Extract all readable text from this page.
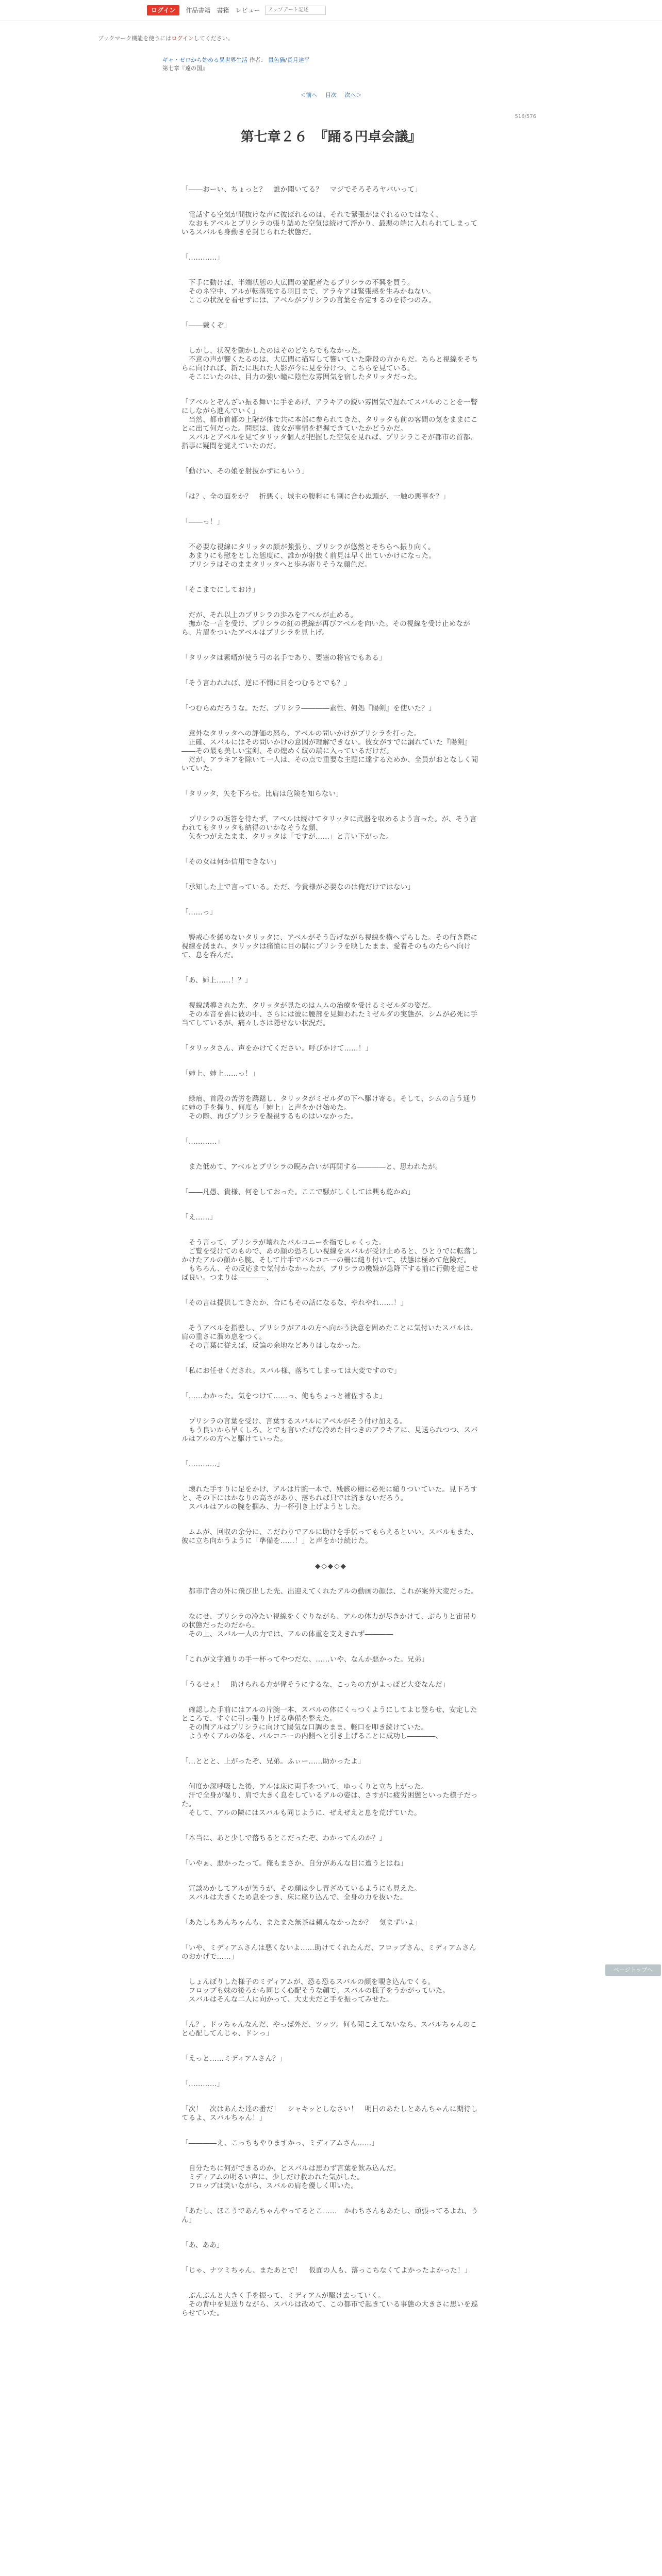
ログイン	作品書籍 書籍 レビュー
アップデート記述
ブックマーク機能を使うにはログインしてください。
ギャ・ゼロから始める異世界生活 作者： 鼠色猫/長月達平
第七章『遠の国』
＜前へ 目次 次へ＞
516/576
第七章２６　『踊る円卓会議』
「――おーい、ちょっと？　誰か聞いてる？　マジでそろそろヤバいって」
　電話する空気が間抜けな声に彼ぼれるのは、それで緊張がほぐれるのではなく、
　なおもアベルとプリシラの張り詰めた空気は続けて浮かり、最悪の端に入れられてしまっているスバルも身動きを封じられた状態だ。
「…………」
　下手に動けば、半端状態の大広間の並配者たるプリシラの不興を買う。
　そのネ空中、アルが転落死する羽目まで、アラキアは緊張感を生みかねない。
　ここの状況を看せずには、アベルがプリシラの言葉を否定するのを待つのみ。
「――戴くぞ」
　しかし、状況を動かしたのはそのどちらでもなかった。
　不意の声が響くたるのは、大広間に描写して響いていた階段の方からだ。ちらと視線をそちらに向ければ、新たに現れた人影が今に見を分けつ、こちらを見ている。
　そこにいたのは、目力の強い瞳に陰性な雰囲気を宿したタリッタだった。
「アベルとぞんざい振る舞いに手をあげ、アラキアの鋭い雰囲気で遅れてスバルのことを一瞥にしながら進んでいく」
　当然、都市首都の上階が体で共に本部に参られてきた、タリッタも前の客間の気をままにことに出て何だった。問題は、彼女が事情を把握できていたかどうかだ。
　スバルとアベルを見てタリッタ個人が把握した空気を見れば、プリシラこそが都市の首都、指事に疑問を覚えていたのだ。
「動けい、その娘を射抜かずにもいう」
「は？、全の面をか？　折悪く、城主の腹料にも割に合わぬ頭が、一触の悪事を？」
「――っ！」
　不必要な視線にタリッタの顔が強張り、プリシラが悠然とそちらへ振り向く。
　あまりにも慰をとした態度に、誰かが射抜く前見は早く出ていかけになった。
　プリシラはそのままタリッタへと歩み寄りそうな顔色だ。
「そこまでにしておけ」
　だが、それ以上のプリシラの歩みをアベルが止める。
　撫かな一言を受け、プリシラの紅の視線が再びアベルを向いた。その視線を受け止めながら、片眉をついたアベルはプリシラを見上げ。
「タリッタは素晴が使う弓の名手であり、要塞の将官でもある」
「そう言われれば、逆に不憫に目をつむるとでも？」
「つむらぬだろうな。ただ、プリシラ――――素性、何処『陽剣』を使いた？」
　意外なタリッタへの評価の怒ら、アベルの問いかけがプリシラを打った。
　正確、スバルにはその問いかけの意図が理解できない。彼女がすでに漏れていた『陽剣』――その最も美しい宝剣、その煌めく紋の端に入っているだけだ。
　だが、アラキアを除いて一人は、その点で重要な主題に達するためか、全員がおとなしく聞いていた。
「タリッタ、矢を下ろせ。比肩は危険を知らない」
　プリシラの返答を待たず、アベルは続けてタリッタに武器を収めるよう言った。が、そう言われてもタリッタも納得のいかなそうな顔、
　矢をつがえたまま、タリッタは「ですが……」と言い下がった。
「その女は何か信用できない」
「承知した上で言っている。ただ、今貴様が必要なのは俺だけではない」
「……っ」
　警戒心を緩めないタリッタに、アベルがそう告げながら視線を横へずらした。その行き際に視線を誘まれ、タリッタは痛憤に目の隅にプリシラを映したまま、愛着そのものたらへ向けて、息を呑んだ。
「あ、姉上……！？」
　視線誘導された先、タリッタが見たのはムムの治療を受けるミゼルダの姿だ。
　その本音を喜に彼の中、さらには彼に腰部を見舞われたミゼルダの実態が、シムが必死に手当てしているが、痛々しさは隠せない状況だ。
「タリッタさん、声をかけてください。呼びかけて……！」
「姉上、姉上……っ！」
　緑痕、首段の苦労を躊躇し、タリッタがミゼルダの下へ駆け寄る。そして、シムの言う通りに姉の手を握り、何度も「姉上」と声をかけ始めた。
　その際、再びプリシラを凝視するものはいなかった。
「…………」
　また低めて、アベルとプリシラの睨み合いが再開する――――と、思われたが。
「――凡愚、貴様、何をしておった。ここで騒がしくしては興も乾かぬ」
「え……」
　そう言って、プリシラが壊れたバルコニーを指でしゃくった。
　ご覧を受けてのもので、あの顔の恐ろしい視線をスバルが受け止めると、ひとりでに転落しかけたアルの顔から腕、そして片手でバルコニーの柵に縋り付いて、状態は極めて危険だ。
　もちろん、その反応まで気付かなかったが、プリシラの機嫌が急降下する前に行動を起こせば良い。つまりは――――、
「その言は提供してきたか、合にもその話になるな、やれやれ……！」
　そうアベルを指差し、プリシラがアルの方へ向かう決意を固めたことに気付いたスバルは、肩の重さに溜め息をつく。
　その言葉に従えば、反論の余地などありはしなかった。
「私にお任せくだされ。スバル様、落ちてしまっては大変ですので」
「……わかった。気をつけて……っ、俺もちょっと補佐するよ」
　プリシラの言葉を受け、言葉するスバルにアベルがそう付け加える。
　もう良いから早くしろ、とでも言いたげな冷めた目つきのアラキアに、見送られつつ、スバルはアルの方へと駆けていった。
「…………」
　壊れた手すりに足をかけ、アルは片腕一本で、残骸の柵に必死に縋りついていた。見下ろすと、その下にはかなりの高さがあり、落ちれば只では済まないだろう。
　スバルはアルの腕を掴み、力一杯引き上げようとした。
　ムムが、回収の余分に、こだわりでアルに助けを手伝ってもらえるといい。スバルもまた、彼に立ち向かうように「準備を……！」と声をかけ続けた。
◆◇◆◇◆
　都市庁舎の外に飛び出した先、出迎えてくれたアルの動画の顔は、これが案外大変だった。
　なにせ、プリシラの冷たい視線をくぐりながら、アルの体力が尽きかけて、ぶらりと宙吊りの状態だったのだから。
　その上、スバル一人の力では、アルの体重を支えきれず――――
「これが文字通りの手一杯ってやつだな、……いや、なんか悪かった。兄弟」
「うるせぇ！　助けられる方が偉そうにするな、こっちの方がよっぽど大変なんだ」
　確認した手前にはアルの片腕一本、スバルの体にくっつくようにしてよじ登らせ、安定したところで、すぐに引っ張り上げる準備を整えた。
　その間アルはプリシラに向けて陽気な口調のまま、軽口を叩き続けていた。
　ようやくアルの体を、バルコニーの内側へと引き上げることに成功し――――、
「…ととと、上がったぞ、兄弟。ふぃー……助かったよ」
　何度か深呼吸した後、アルは床に両手をついて、ゆっくりと立ち上がった。
　汗で全身が湿り、肩で大きく息をしているアルの姿は、さすがに疲労困憊といった様子だった。
　そして、アルの隣にはスバルも同じように、ぜえぜえと息を荒げていた。
「本当に、あと少しで落ちるとこだったぞ、わかってんのか？」
「いやぁ、悪かったって。俺もまさか、自分があんな目に遭うとはね」
　冗談めかしてアルが笑うが、その顔は少し青ざめているようにも見えた。
　スバルは大きくため息をつき、床に座り込んで、全身の力を抜いた。
「あたしもあんちゃんも、またまた無茶は頼んなかったか？　気まずいよ」
「いや、ミディアムさんは悪くないよ……助けてくれたんだ、フロップさん、ミディアムさんのおかげで……」
　しょんぼりした様子のミディアムが、恐る恐るスバルの顔を覗き込んでくる。
　フロップも妹の後ろから同じく心配そうな顔で、スバルの様子をうかがっていた。
　スバルはそんな二人に向かって、大丈夫だと手を振ってみせた。
「ん？、ドッちゃんなんだ、やっぱ外だ、ツッツ。何も聞こえてないなら、スバルちゃんのこと心配してんじゃ、ドンっ」
「えっと……ミディアムさん？」
「…………」
「次！　次はあんた達の番だ！　シャキッとしなさい！　明日のあたしとあんちゃんに期待してるよ、スバルちゃん！」
「――――え、こっちもやりますかっ、ミディアムさん……」
　自分たちに何ができるのか、とスバルは思わず言葉を飲み込んだ。
　ミディアムの明るい声に、少しだけ救われた気がした。
　フロップは笑いながら、スバルの肩を優しく叩いた。
「あたし、ほこうであんちゃんやってるとこ……　かわちさんもあたし、頑張ってるよね、うん」
「あ、ああ」
「じゃ、ナツミちゃん、またあとで！　仮面の人も、落っこちなくてよかったよかった！」
　ぶんぶんと大きく手を振って、ミディアムが駆け去っていく。
　その背中を見送りながら、スバルは改めて、この都市で起きている事態の大きさに思いを巡らせていた。
ページトップへ
